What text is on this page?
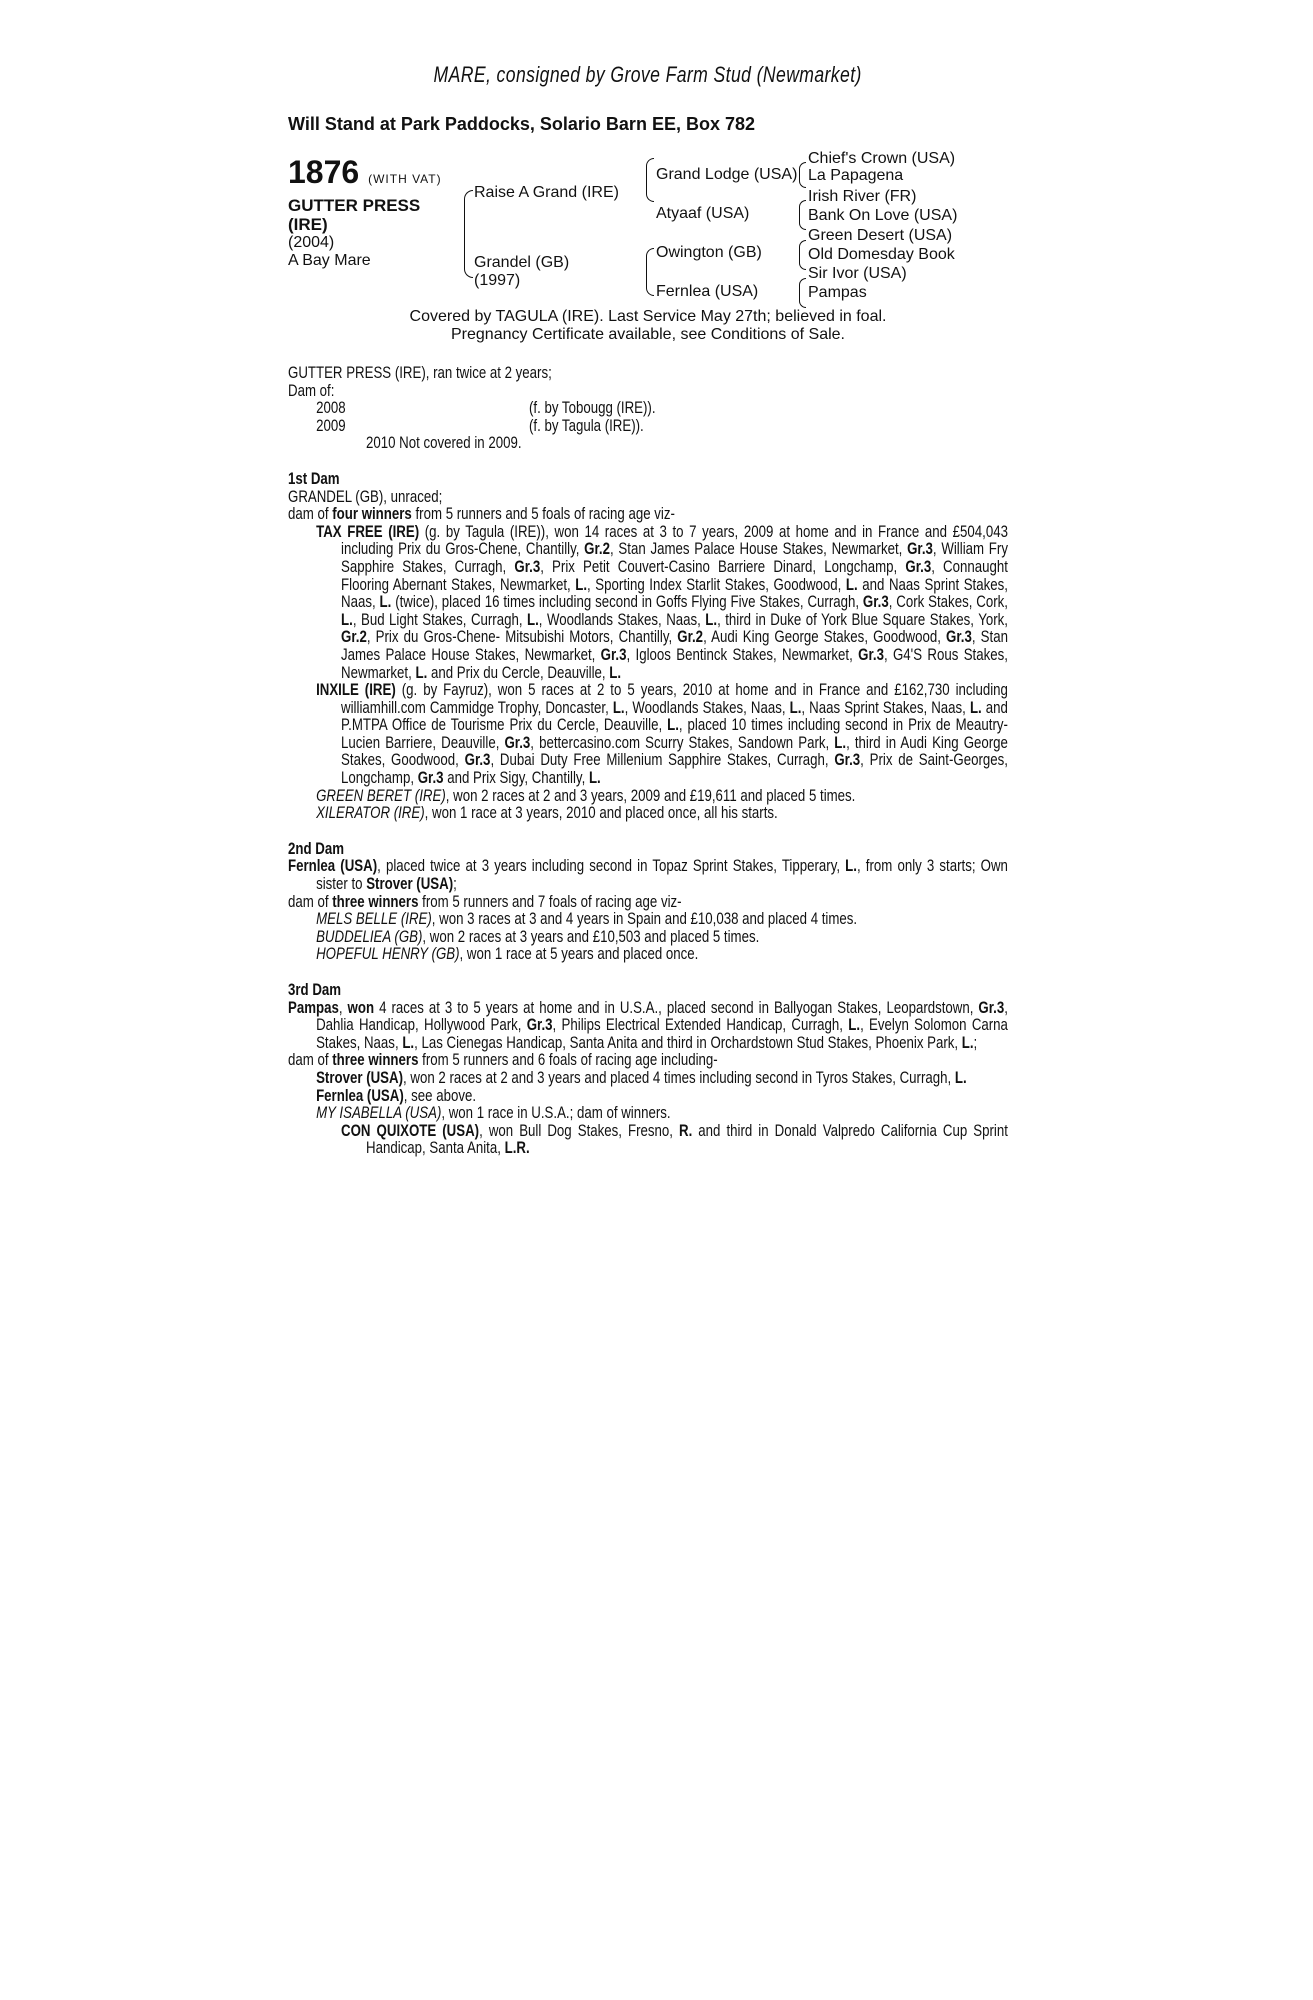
MARE, consigned by Grove Farm Stud (Newmarket)
Will Stand at Park Paddocks, Solario Barn EE, Box 782
1876 (WITH VAT)
GUTTER PRESS
(IRE)
(2004)
A Bay Mare
Raise A Grand (IRE)
Grandel (GB)
(1997)
Grand Lodge (USA)
Atyaaf (USA)
Owington (GB)
Fernlea (USA)
Chief's Crown (USA)
La Papagena
Irish River (FR)
Bank On Love (USA)
Green Desert (USA)
Old Domesday Book
Sir Ivor (USA)
Pampas
Covered by TAGULA (IRE). Last Service May 27th; believed in foal.
Pregnancy Certificate available, see Conditions of Sale.
GUTTER PRESS (IRE), ran twice at 2 years;
Dam of:
2008	(f. by Tobougg (IRE)).
2009	(f. by Tagula (IRE)).
2010 Not covered in 2009.
1st Dam
GRANDEL (GB), unraced;
dam of four winners from 5 runners and 5 foals of racing age viz-
TAX FREE (IRE) (g. by Tagula (IRE)), won 14 races at 3 to 7 years, 2009 at home and in France and £504,043 including Prix du Gros-Chene, Chantilly, Gr.2, Stan James Palace House Stakes, Newmarket, Gr.3, William Fry Sapphire Stakes, Curragh, Gr.3, Prix Petit Couvert-Casino Barriere Dinard, Longchamp, Gr.3, Connaught Flooring Abernant Stakes, Newmarket, L., Sporting Index Starlit Stakes, Goodwood, L. and Naas Sprint Stakes, Naas, L. (twice), placed 16 times including second in Goffs Flying Five Stakes, Curragh, Gr.3, Cork Stakes, Cork, L., Bud Light Stakes, Curragh, L., Woodlands Stakes, Naas, L., third in Duke of York Blue Square Stakes, York, Gr.2, Prix du Gros-Chene- Mitsubishi Motors, Chantilly, Gr.2, Audi King George Stakes, Goodwood, Gr.3, Stan James Palace House Stakes, Newmarket, Gr.3, Igloos Bentinck Stakes, Newmarket, Gr.3, G4'S Rous Stakes, Newmarket, L. and Prix du Cercle, Deauville, L.
INXILE (IRE) (g. by Fayruz), won 5 races at 2 to 5 years, 2010 at home and in France and £162,730 including williamhill.com Cammidge Trophy, Doncaster, L., Woodlands Stakes, Naas, L., Naas Sprint Stakes, Naas, L. and P.MTPA Office de Tourisme Prix du Cercle, Deauville, L., placed 10 times including second in Prix de Meautry- Lucien Barriere, Deauville, Gr.3, bettercasino.com Scurry Stakes, Sandown Park, L., third in Audi King George Stakes, Goodwood, Gr.3, Dubai Duty Free Millenium Sapphire Stakes, Curragh, Gr.3, Prix de Saint-Georges, Longchamp, Gr.3 and Prix Sigy, Chantilly, L.
GREEN BERET (IRE), won 2 races at 2 and 3 years, 2009 and £19,611 and placed 5 times.
XILERATOR (IRE), won 1 race at 3 years, 2010 and placed once, all his starts.
2nd Dam
Fernlea (USA), placed twice at 3 years including second in Topaz Sprint Stakes, Tipperary, L., from only 3 starts; Own sister to Strover (USA);
dam of three winners from 5 runners and 7 foals of racing age viz-
MELS BELLE (IRE), won 3 races at 3 and 4 years in Spain and £10,038 and placed 4 times.
BUDDELIEA (GB), won 2 races at 3 years and £10,503 and placed 5 times.
HOPEFUL HENRY (GB), won 1 race at 5 years and placed once.
3rd Dam
Pampas, won 4 races at 3 to 5 years at home and in U.S.A., placed second in Ballyogan Stakes, Leopardstown, Gr.3, Dahlia Handicap, Hollywood Park, Gr.3, Philips Electrical Extended Handicap, Curragh, L., Evelyn Solomon Carna Stakes, Naas, L., Las Cienegas Handicap, Santa Anita and third in Orchardstown Stud Stakes, Phoenix Park, L.;
dam of three winners from 5 runners and 6 foals of racing age including-
Strover (USA), won 2 races at 2 and 3 years and placed 4 times including second in Tyros Stakes, Curragh, L.
Fernlea (USA), see above.
MY ISABELLA (USA), won 1 race in U.S.A.; dam of winners.
CON QUIXOTE (USA), won Bull Dog Stakes, Fresno, R. and third in Donald Valpredo California Cup Sprint Handicap, Santa Anita, L.R.
